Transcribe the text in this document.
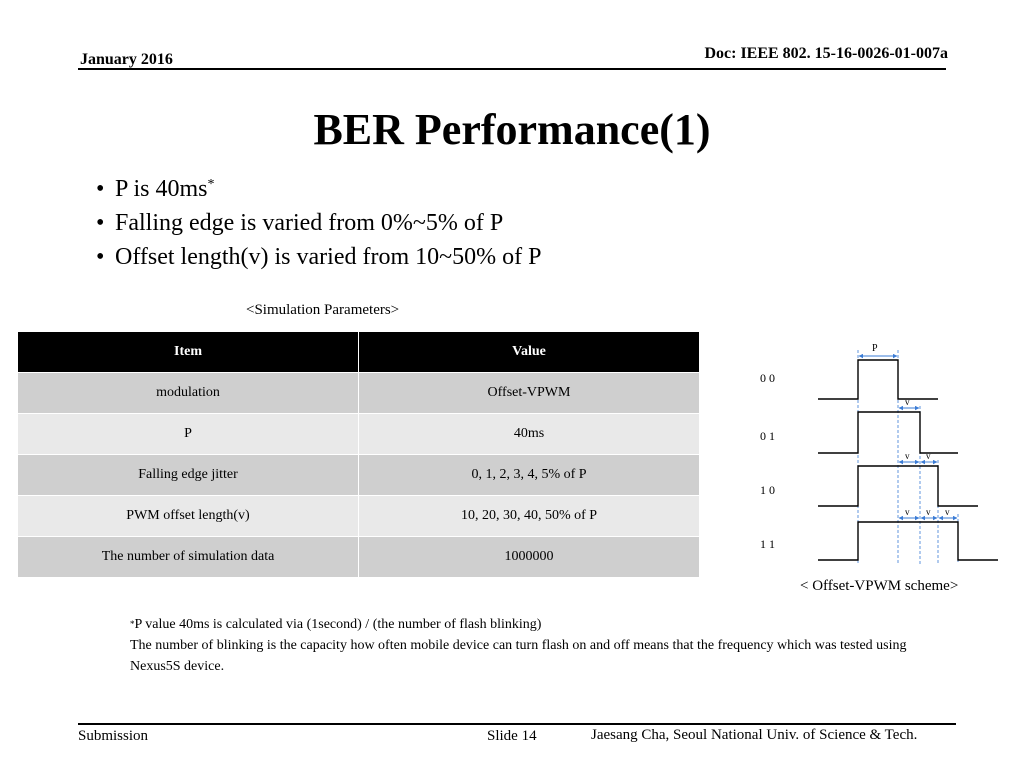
January 2016	Doc: IEEE 802. 15-16-0026-01-007a
BER Performance(1)
• P is 40ms*
• Falling edge is varied from 0%~5% of P
• Offset length(v) is varied from 10~50% of P
<Simulation Parameters>
Item	Value
modulation	Offset-VPWM
P	40ms
Falling edge jitter	0, 1, 2, 3, 4, 5% of P
PWM offset length(v)	10, 20, 30, 40, 50% of P
The number of simulation data	1000000
0 0
0 1
1 0
1 1
P
v
v v
v v v
< Offset-VPWM scheme>
*P value 40ms is calculated via (1second) / (the number of flash blinking)
The number of blinking is the capacity how often mobile device can turn flash on and off means that the frequency which was tested using Nexus5S device.
Submission	Slide 14	Jaesang Cha, Seoul National Univ. of Science & Tech.
